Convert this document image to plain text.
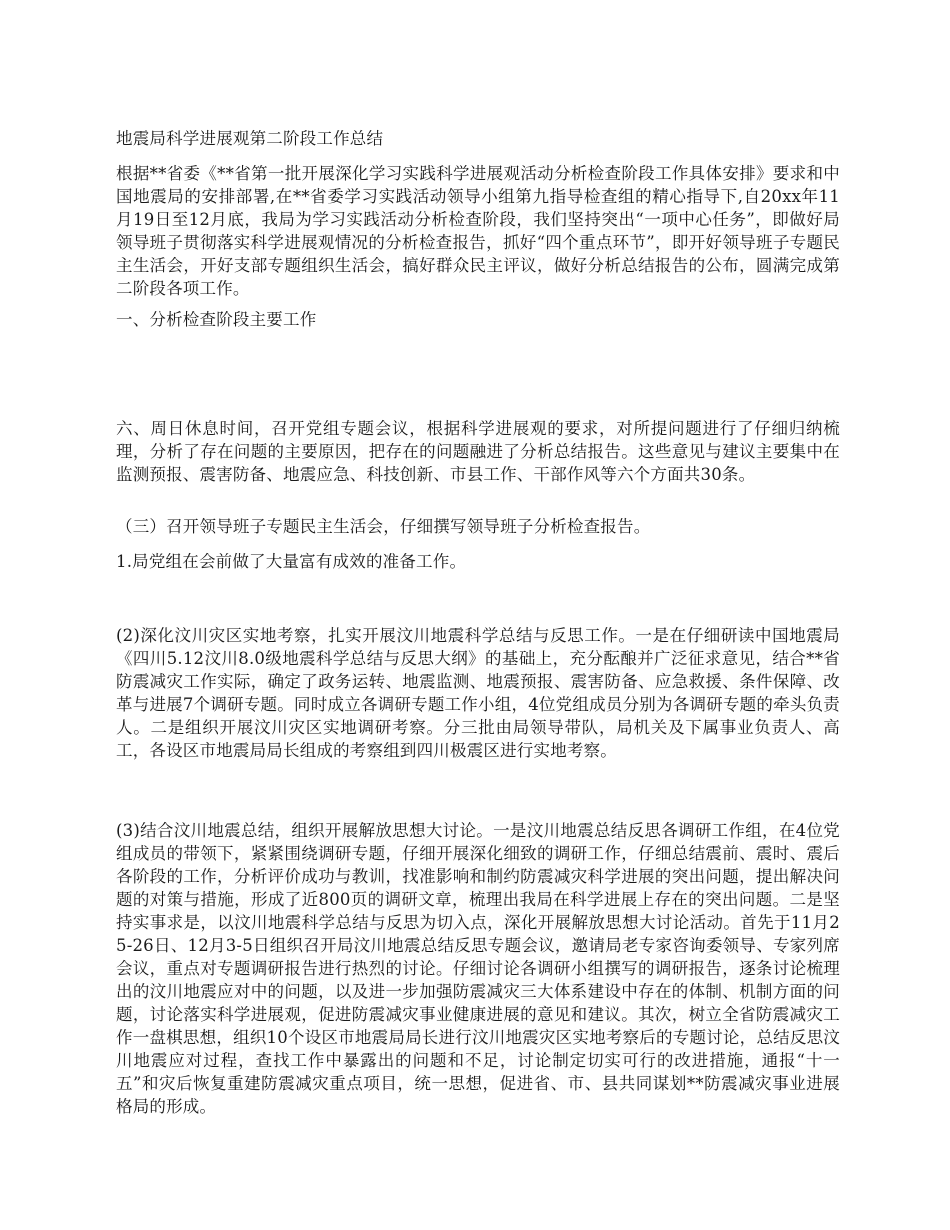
地震局科学进展观第二阶段工作总结

根据**省委《**省第一批开展深化学习实践科学进展观活动分析检查阶段工作具体安排》要求和中国地震局的安排部署,在**省委学习实践活动领导小组第九指导检查组的精心指导下,自20xx年11月19日至12月底，我局为学习实践活动分析检查阶段，我们坚持突出“一项中心任务”，即做好局领导班子贯彻落实科学进展观情况的分析检查报告，抓好“四个重点环节”，即开好领导班子专题民主生活会，开好支部专题组织生活会，搞好群众民主评议，做好分析总结报告的公布，圆满完成第二阶段各项工作。

一、分析检查阶段主要工作

六、周日休息时间，召开党组专题会议，根据科学进展观的要求，对所提问题进行了仔细归纳梳理，分析了存在问题的主要原因，把存在的问题融进了分析总结报告。这些意见与建议主要集中在监测预报、震害防备、地震应急、科技创新、市县工作、干部作风等六个方面共30条。

（三）召开领导班子专题民主生活会，仔细撰写领导班子分析检查报告。

1.局党组在会前做了大量富有成效的准备工作。

(2)深化汶川灾区实地考察，扎实开展汶川地震科学总结与反思工作。一是在仔细研读中国地震局《四川5.12汶川8.0级地震科学总结与反思大纲》的基础上，充分酝酿并广泛征求意见，结合**省防震减灾工作实际，确定了政务运转、地震监测、地震预报、震害防备、应急救援、条件保障、改革与进展7个调研专题。同时成立各调研专题工作小组，4位党组成员分别为各调研专题的牵头负责人。二是组织开展汶川灾区实地调研考察。分三批由局领导带队，局机关及下属事业负责人、高工，各设区市地震局局长组成的考察组到四川极震区进行实地考察。

(3)结合汶川地震总结，组织开展解放思想大讨论。一是汶川地震总结反思各调研工作组，在4位党组成员的带领下，紧紧围绕调研专题，仔细开展深化细致的调研工作，仔细总结震前、震时、震后各阶段的工作，分析评价成功与教训，找准影响和制约防震减灾科学进展的突出问题，提出解决问题的对策与措施，形成了近800页的调研文章，梳理出我局在科学进展上存在的突出问题。二是坚持实事求是，以汶川地震科学总结与反思为切入点，深化开展解放思想大讨论活动。首先于11月25-26日、12月3-5日组织召开局汶川地震总结反思专题会议，邀请局老专家咨询委领导、专家列席会议，重点对专题调研报告进行热烈的讨论。仔细讨论各调研小组撰写的调研报告，逐条讨论梳理出的汶川地震应对中的问题，以及进一步加强防震减灾三大体系建设中存在的体制、机制方面的问题，讨论落实科学进展观，促进防震减灾事业健康进展的意见和建议。其次，树立全省防震减灾工作一盘棋思想，组织10个设区市地震局局长进行汶川地震灾区实地考察后的专题讨论，总结反思汶川地震应对过程，查找工作中暴露出的问题和不足，讨论制定切实可行的改进措施，通报“十一五”和灾后恢复重建防震减灾重点项目，统一思想，促进省、市、县共同谋划**防震减灾事业进展格局的形成。
